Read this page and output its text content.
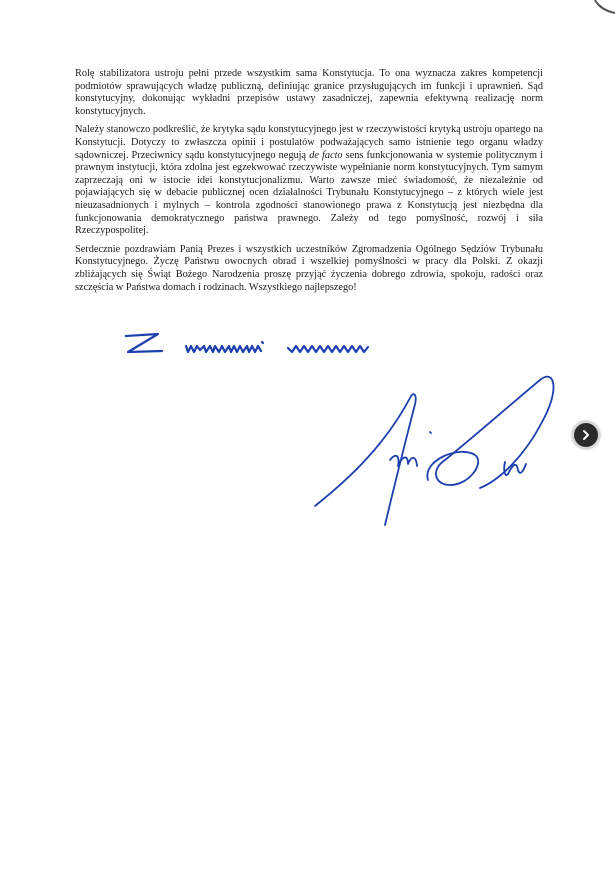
Rolę stabilizatora ustroju pełni przede wszystkim sama Konstytucja. To ona wyznacza zakres kompetencji podmiotów sprawujących władzę publiczną, definiując granice przysługujących im funkcji i uprawnień. Sąd konstytucyjny, dokonując wykładni przepisów ustawy zasadniczej, zapewnia efektywną realizację norm konstytucyjnych.

Należy stanowczo podkreślić, że krytyka sądu konstytucyjnego jest w rzeczywistości krytyką ustroju opartego na Konstytucji. Dotyczy to zwłaszcza opinii i postulatów podważających samo istnienie tego organu władzy sądowniczej. Przeciwnicy sądu konstytucyjnego negują de facto sens funkcjonowania w systemie politycznym i prawnym instytucji, która zdolna jest egzekwować rzeczywiste wypełnianie norm konstytucyjnych. Tym samym zaprzeczają oni w istocie idei konstytucjonalizmu. Warto zawsze mieć świadomość, że niezależnie od pojawiających się w debacie publicznej ocen działalności Trybunału Konstytucyjnego – z których wiele jest nieuzasadnionych i mylnych – kontrola zgodności stanowionego prawa z Konstytucją jest niezbędna dla funkcjonowania demokratycznego państwa prawnego. Zależy od tego pomyślność, rozwój i siła Rzeczypospolitej.

Serdecznie pozdrawiam Panią Prezes i wszystkich uczestników Zgromadzenia Ogólnego Sędziów Trybunału Konstytucyjnego. Życzę Państwu owocnych obrad i wszelkiej pomyślności w pracy dla Polski. Z okazji zbliżających się Świąt Bożego Narodzenia proszę przyjąć życzenia dobrego zdrowia, spokoju, radości oraz szczęścia w Państwa domach i rodzinach. Wszystkiego najlepszego!
